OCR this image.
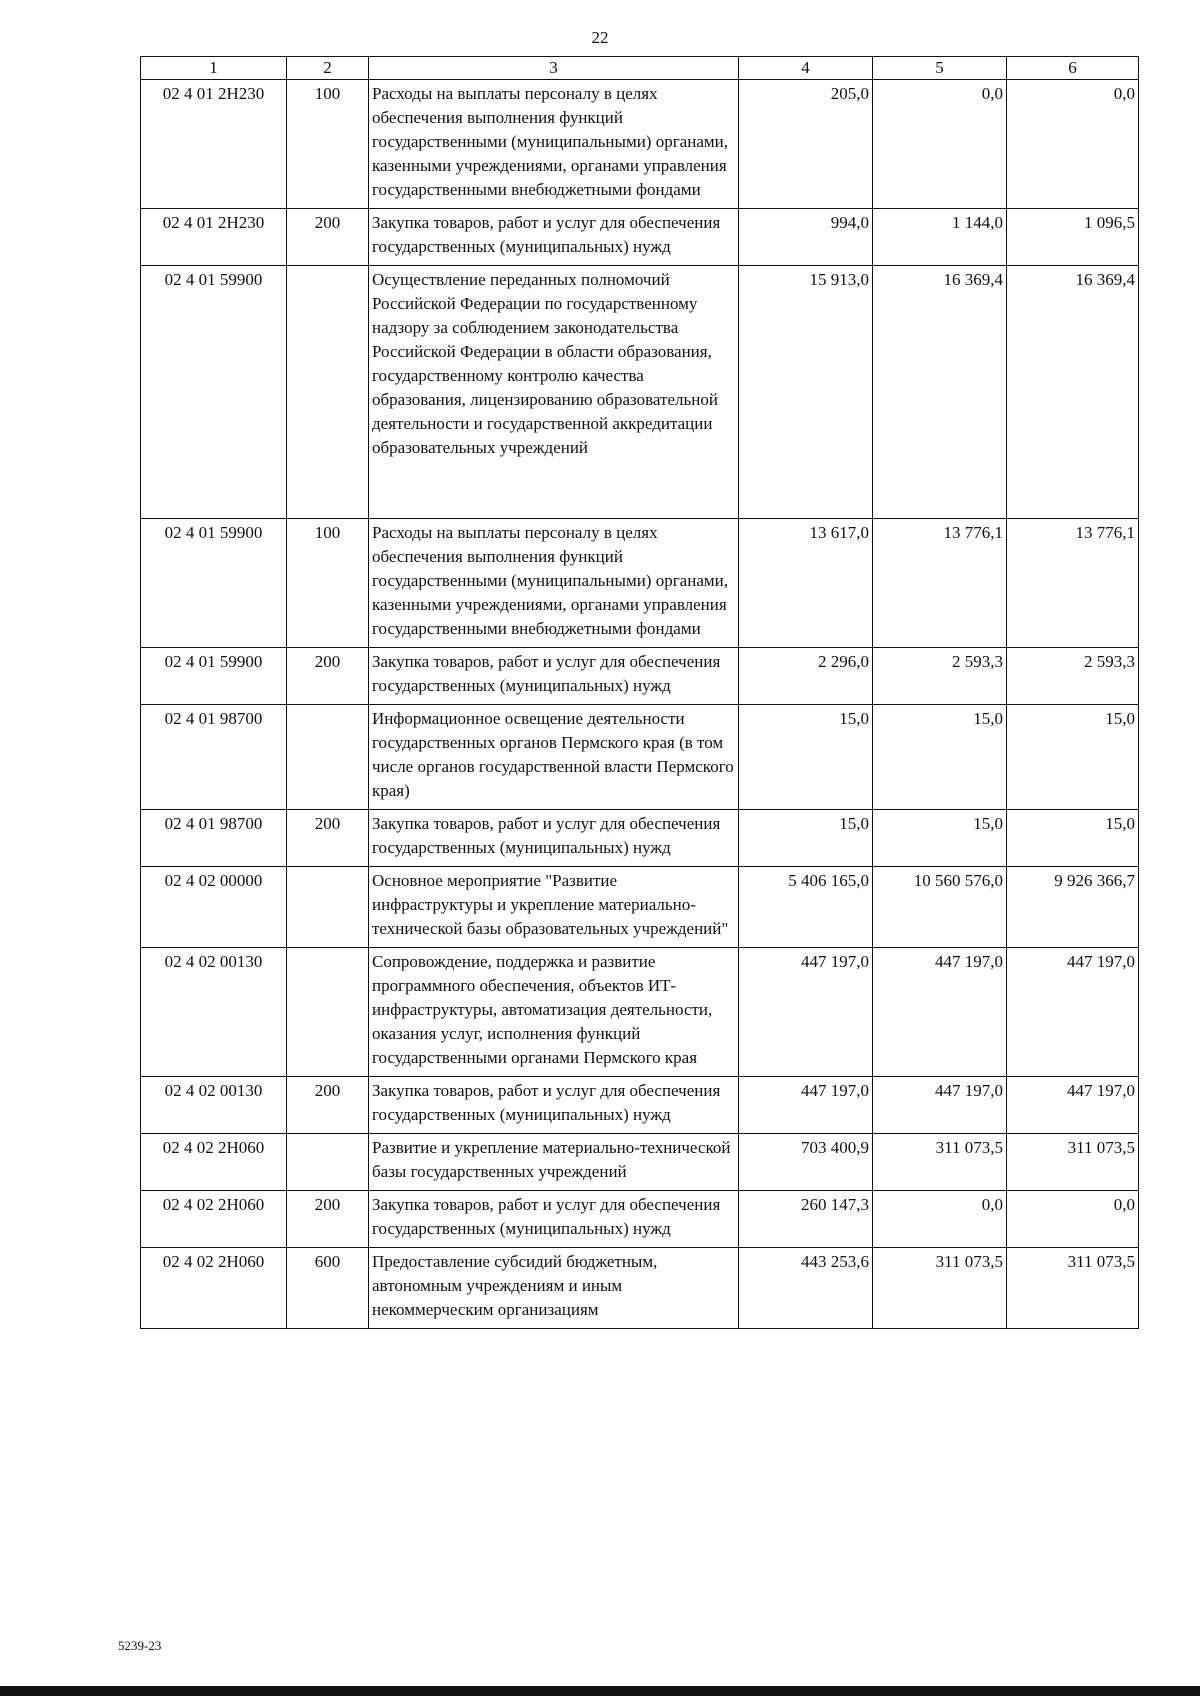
22
1	2	3	4	5	6
02 4 01 2Н230	100	Расходы на выплаты персоналу в целях обеспечения выполнения функций государственными (муниципальными) органами, казенными учреждениями, органами управления государственными внебюджетными фондами	205,0	0,0	0,0
02 4 01 2Н230	200	Закупка товаров, работ и услуг для обеспечения государственных (муниципальных) нужд	994,0	1 144,0	1 096,5
02 4 01 59900		Осуществление переданных полномочий Российской Федерации по государственному надзору за соблюдением законодательства Российской Федерации в области образования, государственному контролю качества образования, лицензированию образовательной деятельности и государственной аккредитации образовательных учреждений	15 913,0	16 369,4	16 369,4
02 4 01 59900	100	Расходы на выплаты персоналу в целях обеспечения выполнения функций государственными (муниципальными) органами, казенными учреждениями, органами управления государственными внебюджетными фондами	13 617,0	13 776,1	13 776,1
02 4 01 59900	200	Закупка товаров, работ и услуг для обеспечения государственных (муниципальных) нужд	2 296,0	2 593,3	2 593,3
02 4 01 98700		Информационное освещение деятельности государственных органов Пермского края (в том числе органов государственной власти Пермского края)	15,0	15,0	15,0
02 4 01 98700	200	Закупка товаров, работ и услуг для обеспечения государственных (муниципальных) нужд	15,0	15,0	15,0
02 4 02 00000		Основное мероприятие "Развитие инфраструктуры и укрепление материально-технической базы образовательных учреждений"	5 406 165,0	10 560 576,0	9 926 366,7
02 4 02 00130		Сопровождение, поддержка и развитие программного обеспечения, объектов ИТ-инфраструктуры, автоматизация деятельности, оказания услуг, исполнения функций государственными органами Пермского края	447 197,0	447 197,0	447 197,0
02 4 02 00130	200	Закупка товаров, работ и услуг для обеспечения государственных (муниципальных) нужд	447 197,0	447 197,0	447 197,0
02 4 02 2Н060		Развитие и укрепление материально-технической базы государственных учреждений	703 400,9	311 073,5	311 073,5
02 4 02 2Н060	200	Закупка товаров, работ и услуг для обеспечения государственных (муниципальных) нужд	260 147,3	0,0	0,0
02 4 02 2Н060	600	Предоставление субсидий бюджетным, автономным учреждениям и иным некоммерческим организациям	443 253,6	311 073,5	311 073,5
5239-23
